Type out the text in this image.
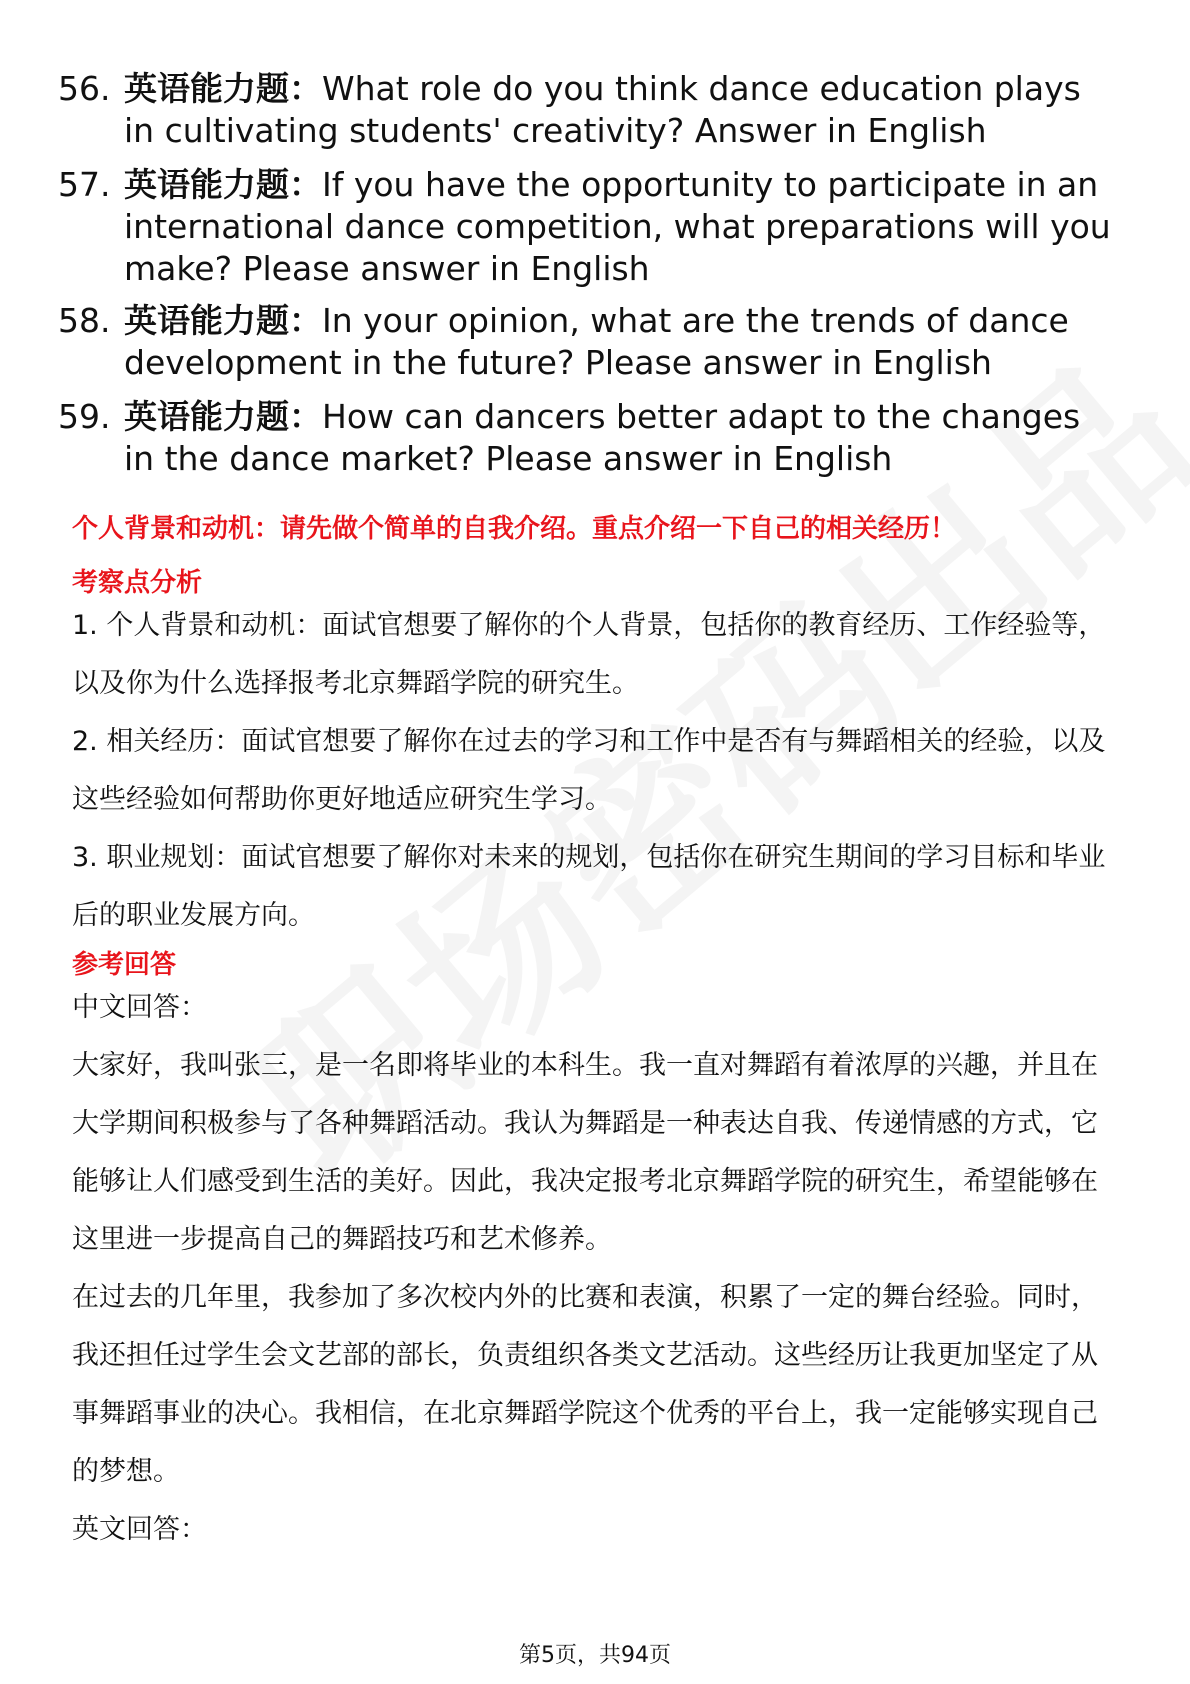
56. 英语能力题：What role do you think dance education plays in cultivating students' creativity? Answer in English
57. 英语能力题：If you have the opportunity to participate in an international dance competition, what preparations will you make? Please answer in English
58. 英语能力题：In your opinion, what are the trends of dance development in the future? Please answer in English
59. 英语能力题：How can dancers better adapt to the changes in the dance market? Please answer in English
个人背景和动机：请先做个简单的自我介绍。重点介绍一下自己的相关经历！
考察点分析

1. 个人背景和动机：面试官想要了解你的个人背景，包括你的教育经历、工作经验等，以及你为什么选择报考北京舞蹈学院的研究生。

2. 相关经历：面试官想要了解你在过去的学习和工作中是否有与舞蹈相关的经验，以及这些经验如何帮助你更好地适应研究生学习。

3. 职业规划：面试官想要了解你对未来的规划，包括你在研究生期间的学习目标和毕业后的职业发展方向。

参考回答

中文回答：

大家好，我叫张三，是一名即将毕业的本科生。我一直对舞蹈有着浓厚的兴趣，并且在大学期间积极参与了各种舞蹈活动。我认为舞蹈是一种表达自我、传递情感的方式，它能够让人们感受到生活的美好。因此，我决定报考北京舞蹈学院的研究生，希望能够在这里进一步提高自己的舞蹈技巧和艺术修养。

在过去的几年里，我参加了多次校内外的比赛和表演，积累了一定的舞台经验。同时，我还担任过学生会文艺部的部长，负责组织各类文艺活动。这些经历让我更加坚定了从事舞蹈事业的决心。我相信，在北京舞蹈学院这个优秀的平台上，我一定能够实现自己的梦想。

英文回答：

第5页，共94页
